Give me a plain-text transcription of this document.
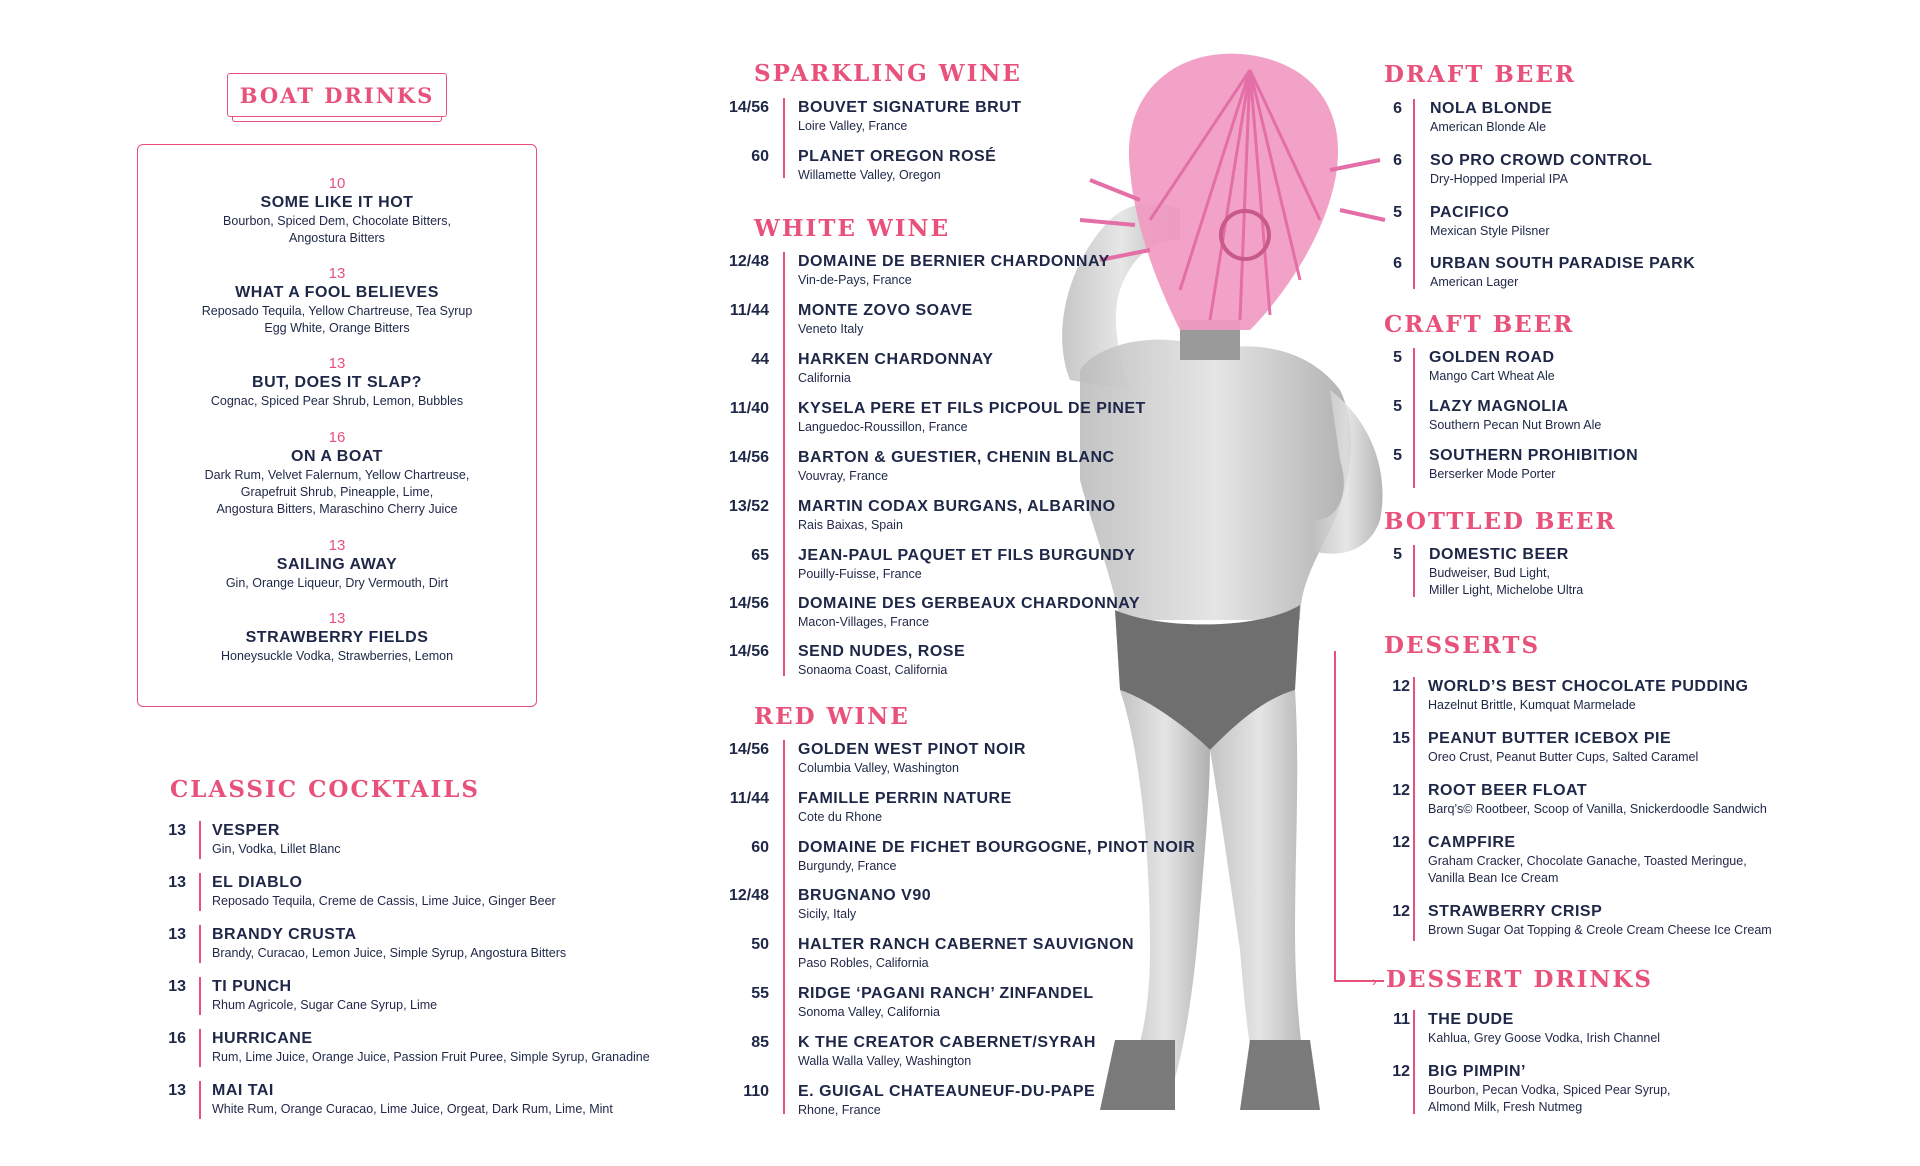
BOAT DRINKS
10
SOME LIKE IT HOT
Bourbon, Spiced Dem, Chocolate Bitters,
Angostura Bitters
13
WHAT A FOOL BELIEVES
Reposado Tequila, Yellow Chartreuse, Tea Syrup
Egg White, Orange Bitters
13
BUT, DOES IT SLAP?
Cognac, Spiced Pear Shrub, Lemon, Bubbles
16
ON A BOAT
Dark Rum, Velvet Falernum, Yellow Chartreuse,
Grapefruit Shrub, Pineapple, Lime,
Angostura Bitters, Maraschino Cherry Juice
13
SAILING AWAY
Gin, Orange Liqueur, Dry Vermouth, Dirt
13
STRAWBERRY FIELDS
Honeysuckle Vodka, Strawberries, Lemon
CLASSIC COCKTAILS
13 VESPER
Gin, Vodka, Lillet Blanc
13 EL DIABLO
Reposado Tequila, Creme de Cassis, Lime Juice, Ginger Beer
13 BRANDY CRUSTA
Brandy, Curacao, Lemon Juice, Simple Syrup, Angostura Bitters
13 TI PUNCH
Rhum Agricole, Sugar Cane Syrup, Lime
16 HURRICANE
Rum, Lime Juice, Orange Juice, Passion Fruit Puree, Simple Syrup, Granadine
13 MAI TAI
White Rum, Orange Curacao, Lime Juice, Orgeat, Dark Rum, Lime, Mint
SPARKLING WINE
14/56 BOUVET SIGNATURE BRUT
Loire Valley, France
60 PLANET OREGON ROSÉ
Willamette Valley, Oregon
WHITE WINE
12/48 DOMAINE DE BERNIER CHARDONNAY
Vin-de-Pays, France
11/44 MONTE ZOVO SOAVE
Veneto Italy
44 HARKEN CHARDONNAY
California
11/40 KYSELA PERE ET FILS PICPOUL DE PINET
Languedoc-Roussillon, France
14/56 BARTON & GUESTIER, CHENIN BLANC
Vouvray, France
13/52 MARTIN CODAX BURGANS, ALBARINO
Rais Baixas, Spain
65 JEAN-PAUL PAQUET ET FILS BURGUNDY
Pouilly-Fuisse, France
14/56 DOMAINE DES GERBEAUX CHARDONNAY
Macon-Villages, France
14/56 SEND NUDES, ROSE
Sonaoma Coast, California
RED WINE
14/56 GOLDEN WEST PINOT NOIR
Columbia Valley, Washington
11/44 FAMILLE PERRIN NATURE
Cote du Rhone
60 DOMAINE DE FICHET BOURGOGNE, PINOT NOIR
Burgundy, France
12/48 BRUGNANO V90
Sicily, Italy
50 HALTER RANCH CABERNET SAUVIGNON
Paso Robles, California
55 RIDGE ‘PAGANI RANCH’ ZINFANDEL
Sonoma Valley, California
85 K THE CREATOR CABERNET/SYRAH
Walla Walla Valley, Washington
110 E. GUIGAL CHATEAUNEUF-DU-PAPE
Rhone, France
DRAFT BEER
6 NOLA BLONDE
American Blonde Ale
6 SO PRO CROWD CONTROL
Dry-Hopped Imperial IPA
5 PACIFICO
Mexican Style Pilsner
6 URBAN SOUTH PARADISE PARK
American Lager
CRAFT BEER
5 GOLDEN ROAD
Mango Cart Wheat Ale
5 LAZY MAGNOLIA
Southern Pecan Nut Brown Ale
5 SOUTHERN PROHIBITION
Berserker Mode Porter
BOTTLED BEER
5 DOMESTIC BEER
Budweiser, Bud Light,
Miller Light, Michelobe Ultra
DESSERTS
›
12 WORLD’S BEST CHOCOLATE PUDDING
Hazelnut Brittle, Kumquat Marmelade
15 PEANUT BUTTER ICEBOX PIE
Oreo Crust, Peanut Butter Cups, Salted Caramel
12 ROOT BEER FLOAT
Barq’s© Rootbeer, Scoop of Vanilla, Snickerdoodle Sandwich
12 CAMPFIRE
Graham Cracker, Chocolate Ganache, Toasted Meringue,
Vanilla Bean Ice Cream
12 STRAWBERRY CRISP
Brown Sugar Oat Topping & Creole Cream Cheese Ice Cream
DESSERT DRINKS
11 THE DUDE
Kahlua, Grey Goose Vodka, Irish Channel
12 BIG PIMPIN’
Bourbon, Pecan Vodka, Spiced Pear Syrup,
Almond Milk, Fresh Nutmeg
